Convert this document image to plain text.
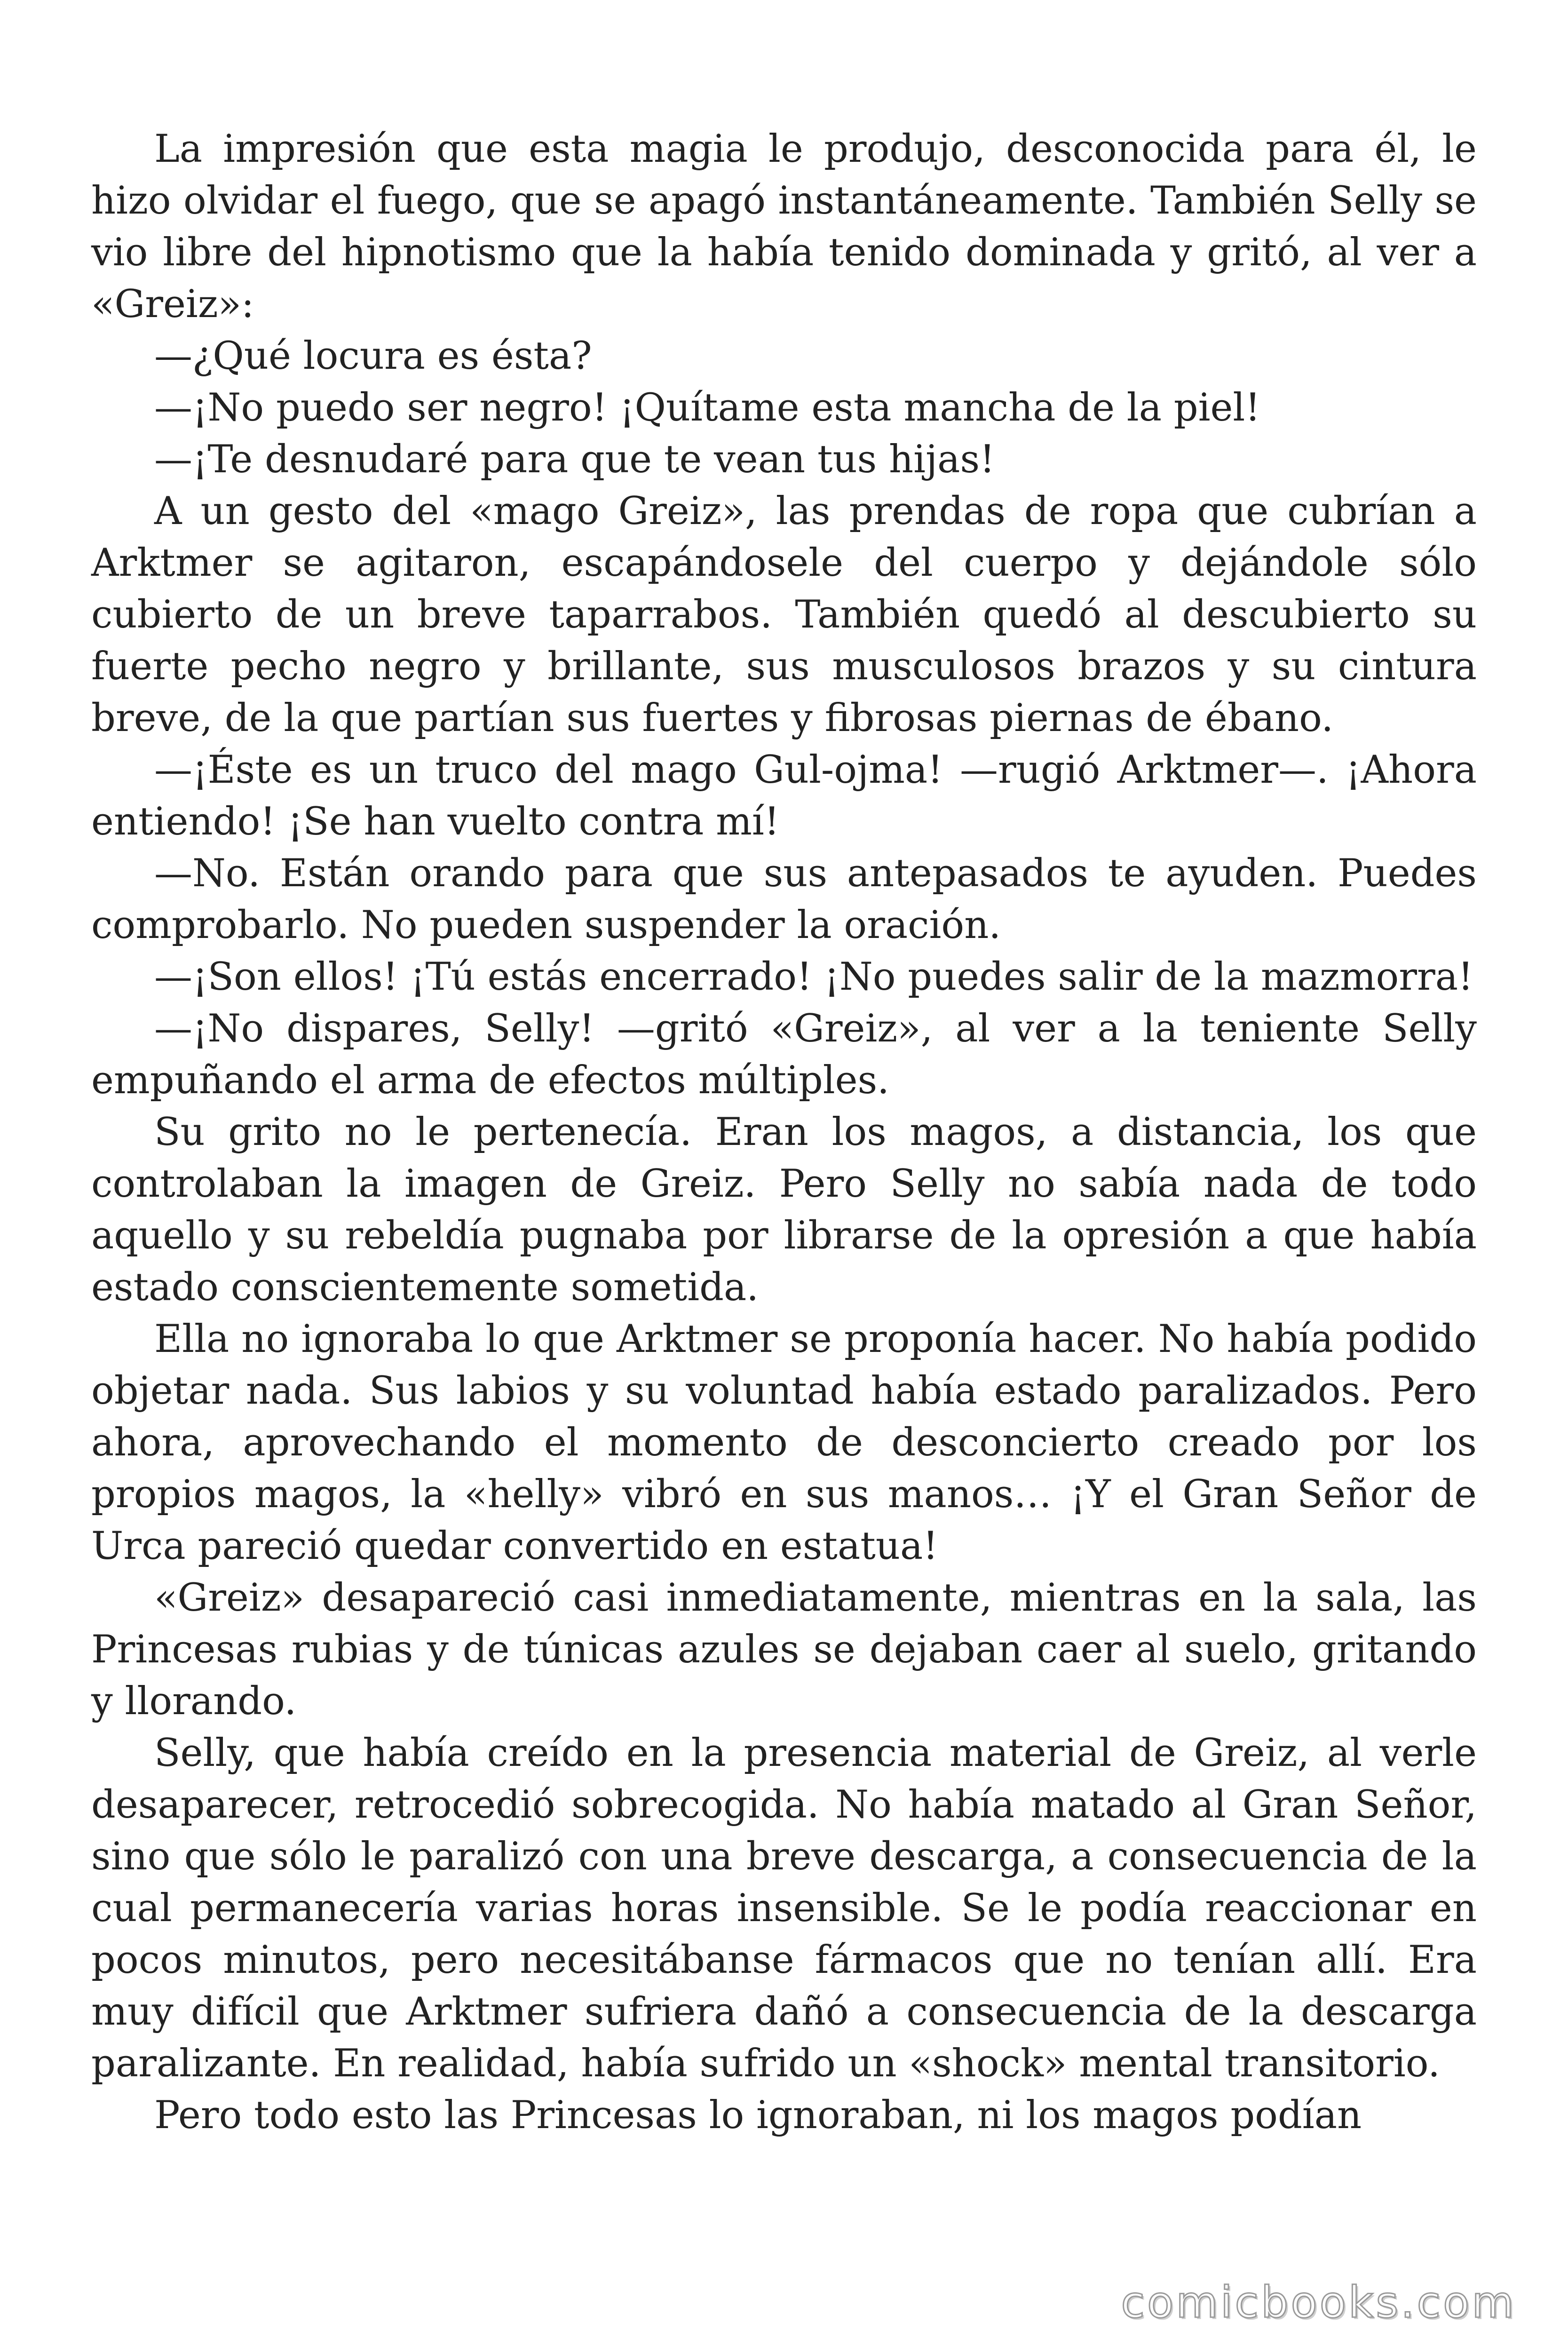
La impresión que esta magia le produjo, desconocida para él, le hizo olvidar el fuego, que se apagó instantáneamente. También Selly se vio libre del hipnotismo que la había tenido dominada y gritó, al ver a «Greiz»:

—¿Qué locura es ésta?

—¡No puedo ser negro! ¡Quítame esta mancha de la piel!

—¡Te desnudaré para que te vean tus hijas!

A un gesto del «mago Greiz», las prendas de ropa que cubrían a Arktmer se agitaron, escapándosele del cuerpo y dejándole sólo cubierto de un breve taparrabos. También quedó al descubierto su fuerte pecho negro y brillante, sus musculosos brazos y su cintura breve, de la que partían sus fuertes y fibrosas piernas de ébano.

—¡Éste es un truco del mago Gul-ojma! —rugió Arktmer—. ¡Ahora entiendo! ¡Se han vuelto contra mí!

—No. Están orando para que sus antepasados te ayuden. Puedes comprobarlo. No pueden suspender la oración.

—¡Son ellos! ¡Tú estás encerrado! ¡No puedes salir de la mazmorra!

—¡No dispares, Selly! —gritó «Greiz», al ver a la teniente Selly empuñando el arma de efectos múltiples.

Su grito no le pertenecía. Eran los magos, a distancia, los que controlaban la imagen de Greiz. Pero Selly no sabía nada de todo aquello y su rebeldía pugnaba por librarse de la opresión a que había estado conscientemente sometida.

Ella no ignoraba lo que Arktmer se proponía hacer. No había podido objetar nada. Sus labios y su voluntad había estado paralizados. Pero ahora, aprovechando el momento de desconcierto creado por los propios magos, la «helly» vibró en sus manos… ¡Y el Gran Señor de Urca pareció quedar convertido en estatua!

«Greiz» desapareció casi inmediatamente, mientras en la sala, las Princesas rubias y de túnicas azules se dejaban caer al suelo, gritando y llorando.

Selly, que había creído en la presencia material de Greiz, al verle desaparecer, retrocedió sobrecogida. No había matado al Gran Señor, sino que sólo le paralizó con una breve descarga, a consecuencia de la cual permanecería varias horas insensible. Se le podía reaccionar en pocos minutos, pero necesitábanse fármacos que no tenían allí. Era muy difícil que Arktmer sufriera dañó a consecuencia de la descarga paralizante. En realidad, había sufrido un «shock» mental transitorio.

Pero todo esto las Princesas lo ignoraban, ni los magos podían

comicbooks.com
